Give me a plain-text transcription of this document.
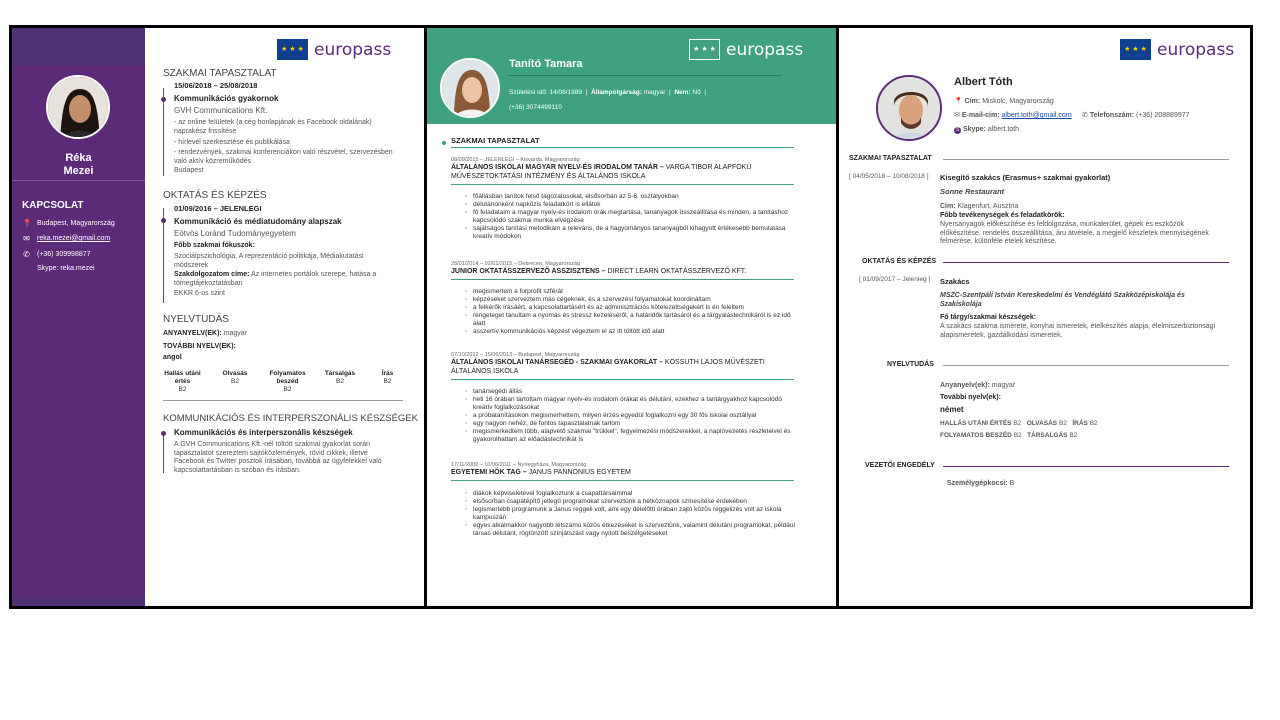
Réka
Mezei
KAPCSOLAT
📍 Budapest, Magyarország
✉ reka.mezei@gmail.com
✆ (+36) 309998877
Skype: reka.mezei
★ ★ ★ europass
SZAKMAI TAPASZTALAT
15/06/2018 – 25/08/2018
Kommunikációs gyakornok
GVH Communications Kft.
- az online felületek (a cég honlapjának és Facebook oldalának) naprakész frissítése
- hírlevél szerkesztése és publikálása
- rendezvények, szakmai konferenciákon való részvétel, szervezésben való aktív közreműködés
Budapest
OKTATÁS ÉS KÉPZÉS
01/09/2016 – JELENLEGI
Kommunikáció és médiatudomány alapszak
Eötvös Loránd Tudományegyetem
Főbb szakmai fókuszok:
Szociálpszichológia, A reprezentáció politikája, Médiakutatási módszerek
Szakdolgozatom címe: Az internetes portálok szerepe, hatása a tömegtájékoztatásban
EKKR 6-os szint
NYELVTUDÁS
ANYANYELV(EK): magyar
TOVÁBBI NYELV(EK):
angol
Hallás utáni értés
B2
Olvasás
B2
Folyamatos beszéd
B2
Társalgás
B2
Írás
B2
KOMMUNIKÁCIÓS ÉS INTERPERSZONÁLIS KÉSZSÉGEK
Kommunikációs és interperszonális készségek
A GVH Communications Kft.-nél töltött szakmai gyakorlat során tapasztalatot szereztem sajtóközlemények, rövid cikkek, illetve Facebook és Twitter posztok írásában, továbbá az ügyfelekkel való kapcsolattartásban is szóban és írásban.
★ ★ ★ europass
Tanító Tamara
Születési idő: 14/08/1989  |  Állampolgárság: magyar  |  Nem: Nő  |
(+36) 3074499110
SZAKMAI TAPASZTALAT
08/09/2015 – JELENLEGI – Kisvárda, Magyarország
ÁLTALÁNOS ISKOLAI MAGYAR NYELV-ÉS IRODALOM TANÁR – VARGA TIBOR ALAPFOKÚ MŰVÉSZETOKTATÁSI INTÉZMÉNY ÉS ÁLTALÁNOS ISKOLA
◦ főállásban tanítok felső tagozatosokat, elsősorban az 5-6. osztályokban
◦ délutánonként napközis feladatkört is ellátok
◦ fő feladataim a magyar nyelv-és irodalom órák megtartása, tananyagok összeállítása és minden, a tanításhoz kapcsolódó szakmai munka elvégzése
◦ sajátságos tanítási metodikám a releváns, de a hagyományos tananyagból kihagyott értékesebb bemutatása kreatív módokon
28/01/2014 – 02/01/2015 – Debrecen, Magyarország
JUNIOR OKTATÁSSZERVEZŐ ASSZISZTENS – DIRECT LEARN OKTATÁSSZERVEZŐ KFT.
◦ megismertem a forprofit szférát
◦ képzéseket szerveztem más cégeknek, és a szervezési folyamatokat koordináltam
◦ a felkérők írásáért, a kapcsolattartásért és az adminisztrációs kötelezettségekért is én feleltem
◦ rengeteget tanultam a nyomás és stressz kezeléséről, a határidők tartásáról és a tárgyalástechnikáról is ez idő alatt
◦ asszertív kommunikációs képzést végeztem el az itt töltött idő alatt
07/10/2012 – 15/06/2013 – Budapest, Magyarország
ÁLTALÁNOS ISKOLAI TANÁRSEGÉD - SZAKMAI GYAKORLAT – KOSSUTH LAJOS MŰVÉSZETI ÁLTALÁNOS ISKOLA
◦ tanársegédi állás
◦ heti 16 órában tartottam magyar nyelv-és irodalom órákat és délutáni, ezekhez a tantárgyakhoz kapcsolódó kreatív foglalkozásokat
◦ a próbatanításokon megismerhettem, milyen érzés egyedül foglalkozni egy 30 fős iskolai osztállyal
◦ egy nagyon nehéz, de fontos tapasztalatnak tartom
◦ megismerkedtem több, alapvető szakmai "trükkel", fegyelmezési módszerekkel, a naplóvezetés részleteivel és gyakorolhattam az előadástechnikát is
17/11/2009 – 10/06/2011 – Nyíregyháza, Magyarország
EGYETEMI HÖK TAG – JANUS PANNONIUS EGYETEM
◦ diákok képviseletével foglalkoztunk a csapattársaimmal
◦ elsősorban csapatépítő jellegű programokat szerveztünk a hétköznapok színesítése érdekében
◦ legismertebb programunk a Janus reggeli volt, ami egy délelőtti órában zajló közös reggelizés volt az iskola kampuszán
◦ egyes alkalmakkor nagyobb létszámú közös étkezéseket is szerveztünk, valamint délutáni programokat, például társas délutánt, rögtönzött színjátszást vagy nyitott beszélgetéseket
★ ★ ★ europass
Albert Tóth
📍 Cím: Miskolc, Magyarország
✉ E-mail-cím: albert.toth@gmail.com ✆ Telefonszám: (+36) 208889977
S Skype: albert.toth
SZAKMAI TAPASZTALAT
[ 04/05/2018 – 10/08/2018 ] Kisegítő szakács (Erasmus+ szakmai gyakorlat)
Sonne Restaurant
Cím: Klagenfurt, Ausztria
Főbb tevékenységek és feladatkörök:
Nyersanyagok előkészítése és feldolgozása, munkaterület, gépek és eszközök előkészítése, rendelés összeállítása, áru átvétele, a megjelő készletek mennyiségének felmérése, különféle ételek készítése.
OKTATÁS ÉS KÉPZÉS
[ 01/09/2017 – Jelenleg ] Szakács
MSZC-Szentpáli István Kereskedelmi és Vendéglátó Szakközépiskolája és Szakiskolája
Fő tárgy/szakmai készségek:
A szakács szakma ismerete, konyhai ismeretek, ételkészítés alapja, élelmiszerbiztonsági alapismeretek, gazdálkodási ismeretek.
NYELVTUDÁS
Anyanyelv(ek): magyar
További nyelv(ek):
német
HALLÁS UTÁNI ÉRTÉS B2 OLVASÁS B2 ÍRÁS B2
FOLYAMATOS BESZÉD B2 TÁRSALGÁS B2
VEZETŐI ENGEDÉLY
Személygépkocsi: B
